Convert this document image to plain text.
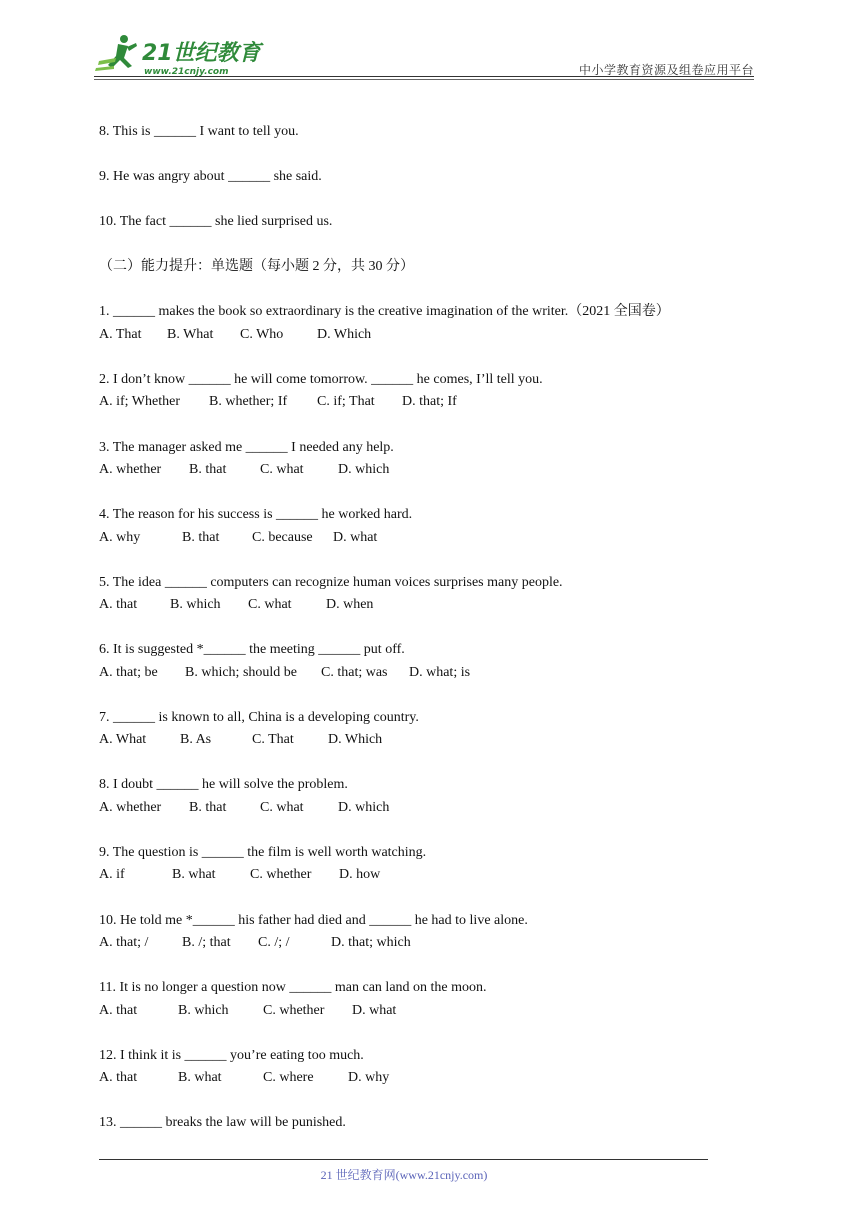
21世纪教育
www.21cnjy.com	中小学教育资源及组卷应用平台
8. This is ______ I want to tell you.
9. He was angry about ______ she said.
10. The fact ______ she lied surprised us.
（二）能力提升：单选题（每小题 2 分，共 30 分）
1. ______ makes the book so extraordinary is the creative imagination of the writer.（2021 全国卷）
A. That B. What C. Who D. Which
2. I don’t know ______ he will come tomorrow. ______ he comes, I’ll tell you.
A. if; Whether B. whether; If C. if; That D. that; If
3. The manager asked me ______ I needed any help.
A. whether B. that C. what D. which
4. The reason for his success is ______ he worked hard.
A. why	B. that C. because D. what
5. The idea ______ computers can recognize human voices surprises many people.
A. that B. which C. what D. when
6. It is suggested *______ the meeting ______ put off.
A. that; be B. which; should be C. that; was D. what; is
7. ______ is known to all, China is a developing country.
A. What B. As	C. That D. Which
8. I doubt ______ he will solve the problem.
A. whether B. that C. what D. which
9. The question is ______ the film is well worth watching.
A. if	B. what C. whether D. how
10. He told me *______ his father had died and ______ he had to live alone.
A. that; / B. /; that C. /; /	D. that; which
11. It is no longer a question now ______ man can land on the moon.
A. that	B. which C. whether D. what
12. I think it is ______ you’re eating too much.
A. that	B. what	C. where D. why
13. ______ breaks the law will be punished.
21 世纪教育网(www.21cnjy.com)
